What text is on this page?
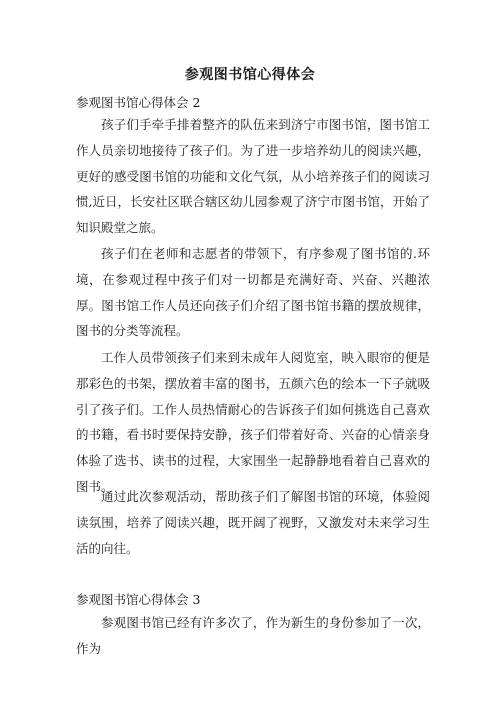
参观图书馆心得体会
参观图书馆心得体会 2
孩子们手牵手排着整齐的队伍来到济宁市图书馆，图书馆工作人员亲切地接待了孩子们。为了进一步培养幼儿的阅读兴趣，更好的感受图书馆的功能和文化气氛，从小培养孩子们的阅读习惯,近日，长安社区联合辖区幼儿园参观了济宁市图书馆，开始了知识殿堂之旅。
孩子们在老师和志愿者的带领下，有序参观了图书馆的.环境，在参观过程中孩子们对一切都是充满好奇、兴奋、兴趣浓厚。图书馆工作人员还向孩子们介绍了图书馆书籍的摆放规律，图书的分类等流程。
工作人员带领孩子们来到未成年人阅览室，映入眼帘的便是那彩色的书架，摆放着丰富的图书，五颜六色的绘本一下子就吸引了孩子们。工作人员热情耐心的告诉孩子们如何挑选自己喜欢的书籍，看书时要保持安静，孩子们带着好奇、兴奋的心情亲身体验了选书、读书的过程，大家围坐一起静静地看着自己喜欢的图书。
通过此次参观活动，帮助孩子们了解图书馆的环境，体验阅读氛围，培养了阅读兴趣，既开阔了视野，又激发对未来学习生活的向往。
参观图书馆心得体会 3
参观图书馆已经有许多次了，作为新生的身份参加了一次，作为
